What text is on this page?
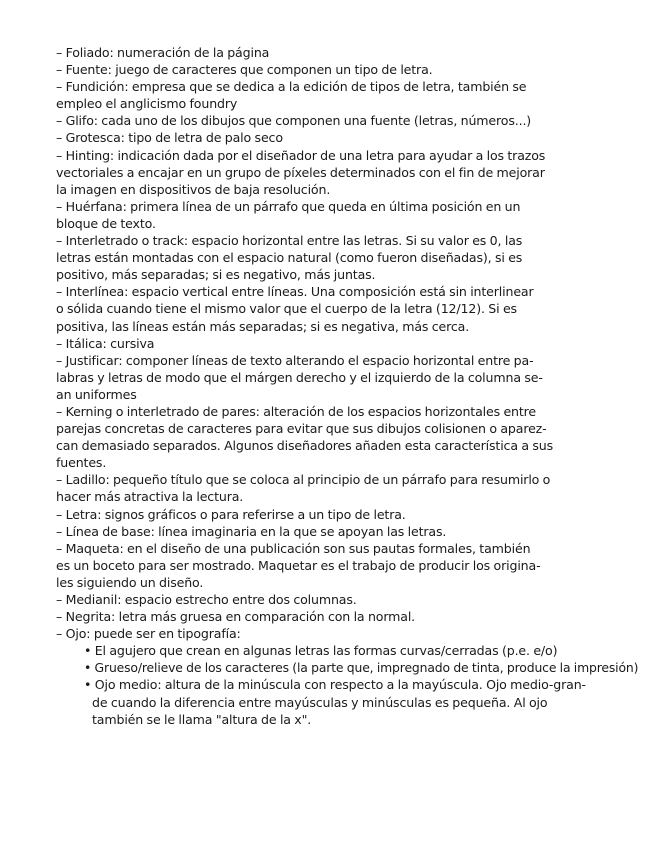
– Foliado: numeración de la página
– Fuente: juego de caracteres que componen un tipo de letra.
– Fundición: empresa que se dedica a la edición de tipos de letra, también se
empleo el anglicismo foundry
– Glifo: cada uno de los dibujos que componen una fuente (letras, números...)
– Grotesca: tipo de letra de palo seco
– Hinting: indicación dada por el diseñador de una letra para ayudar a los trazos
vectoriales a encajar en un grupo de píxeles determinados con el fin de mejorar
la imagen en dispositivos de baja resolución.
– Huérfana: primera línea de un párrafo que queda en última posición en un
bloque de texto.
– Interletrado o track: espacio horizontal entre las letras. Si su valor es 0, las
letras están montadas con el espacio natural (como fueron diseñadas), si es
positivo, más separadas; si es negativo, más juntas.
– Interlínea: espacio vertical entre líneas. Una composición está sin interlinear
o sólida cuando tiene el mismo valor que el cuerpo de la letra (12/12). Si es
positiva, las líneas están más separadas; si es negativa, más cerca.
– Itálica: cursiva
– Justificar: componer líneas de texto alterando el espacio horizontal entre pa-
labras y letras de modo que el márgen derecho y el izquierdo de la columna se-
an uniformes
– Kerning o interletrado de pares: alteración de los espacios horizontales entre
parejas concretas de caracteres para evitar que sus dibujos colisionen o aparez-
can demasiado separados. Algunos diseñadores añaden esta característica a sus
fuentes.
– Ladillo: pequeño título que se coloca al principio de un párrafo para resumirlo o
hacer más atractiva la lectura.
– Letra: signos gráficos o para referirse a un tipo de letra.
– Línea de base: línea imaginaria en la que se apoyan las letras.
– Maqueta: en el diseño de una publicación son sus pautas formales, también
es un boceto para ser mostrado. Maquetar es el trabajo de producir los origina-
les siguiendo un diseño.
– Medianil: espacio estrecho entre dos columnas.
– Negrita: letra más gruesa en comparación con la normal.
– Ojo: puede ser en tipografía:
• El agujero que crean en algunas letras las formas curvas/cerradas (p.e. e/o)
• Grueso/relieve de los caracteres (la parte que, impregnado de tinta, produce la impresión)
• Ojo medio: altura de la minúscula con respecto a la mayúscula. Ojo medio-gran-
de cuando la diferencia entre mayúsculas y minúsculas es pequeña. Al ojo
también se le llama "altura de la x".
